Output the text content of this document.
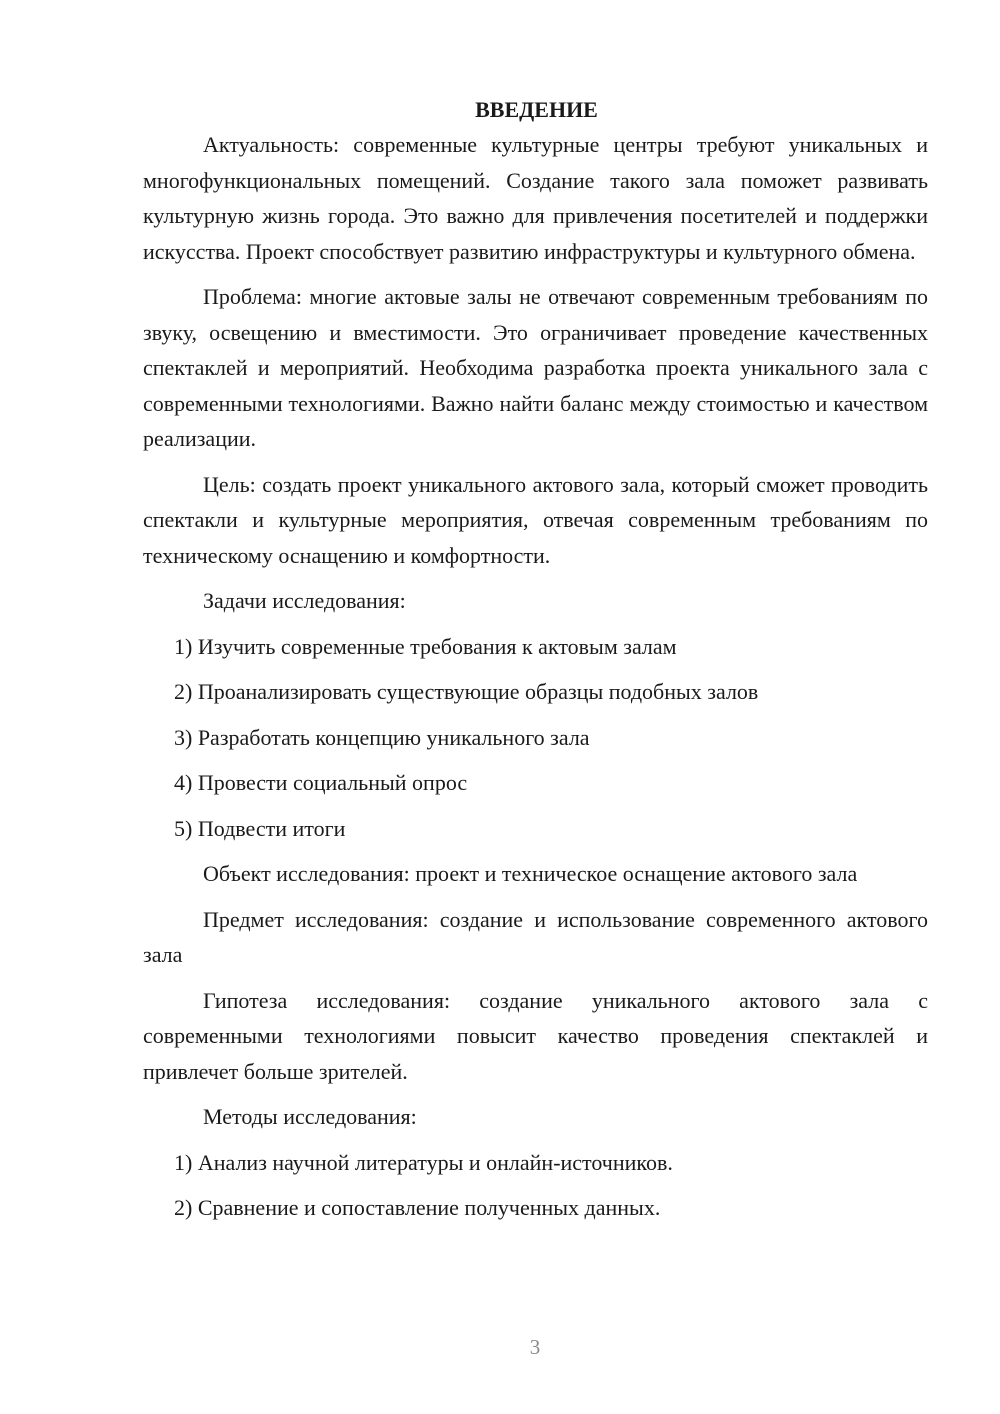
ВВЕДЕНИЕ

Актуальность: современные культурные центры требуют уникальных и многофункциональных помещений. Создание такого зала поможет развивать культурную жизнь города. Это важно для привлечения посетителей и поддержки искусства. Проект способствует развитию инфраструктуры и культурного обмена.

Проблема: многие актовые залы не отвечают современным требованиям по звуку, освещению и вместимости. Это ограничивает проведение качественных спектаклей и мероприятий. Необходима разработка проекта уникального зала с современными технологиями. Важно найти баланс между стоимостью и качеством реализации.

Цель: создать проект уникального актового зала, который сможет проводить спектакли и культурные мероприятия, отвечая современным требованиям по техническому оснащению и комфортности.

Задачи исследования:

1) Изучить современные требования к актовым залам

2) Проанализировать существующие образцы подобных залов

3) Разработать концепцию уникального зала

4) Провести социальный опрос

5) Подвести итоги

Объект исследования: проект и техническое оснащение актового зала

Предмет исследования: создание и использование современного актового зала

Гипотеза исследования: создание уникального актового зала с современными технологиями повысит качество проведения спектаклей и привлечет больше зрителей.

Методы исследования:

1) Анализ научной литературы и онлайн-источников.

2) Сравнение и сопоставление полученных данных.

3
